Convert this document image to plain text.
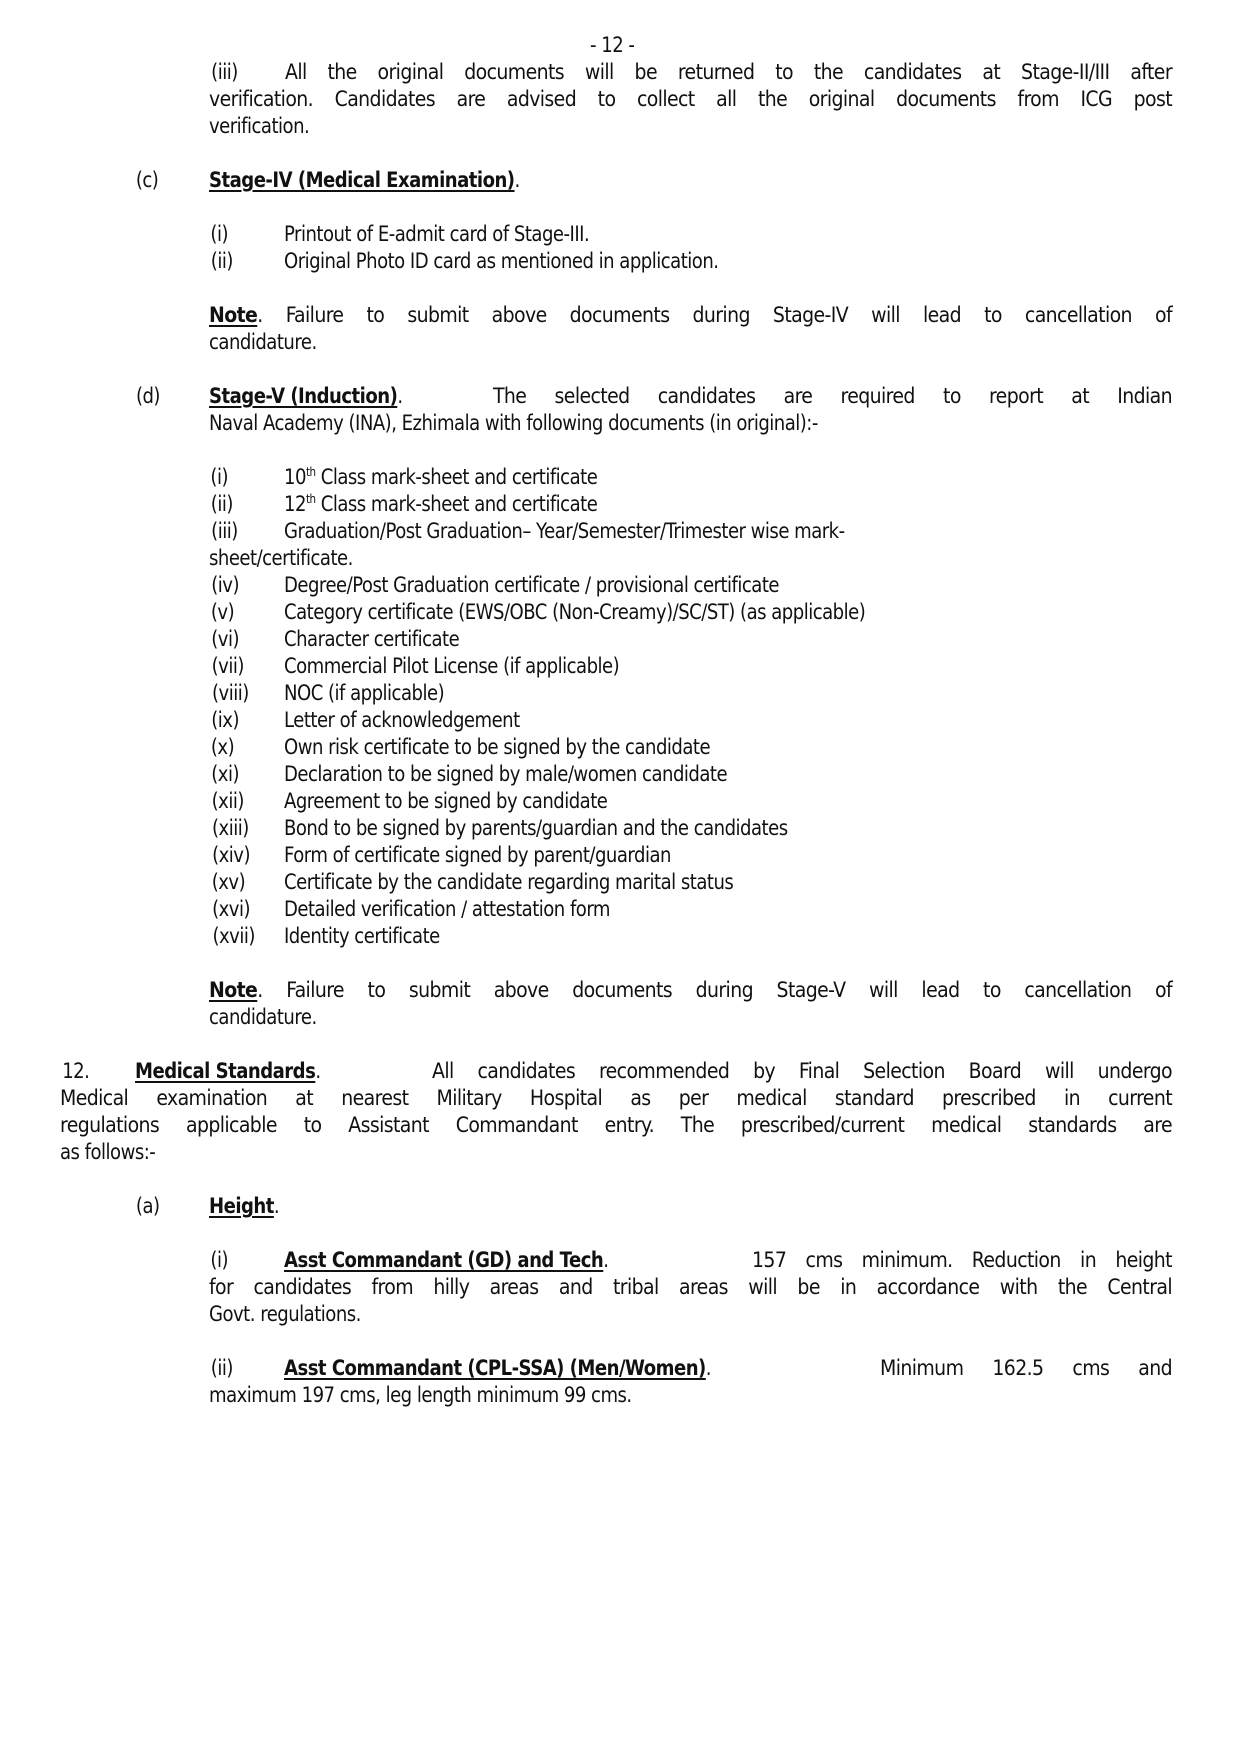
- 12 -
(iii) All the original documents will be returned to the candidates at Stage-II/III after
verification. Candidates are advised to collect all the original documents from ICG post
verification.
(c) Stage-IV (Medical Examination).
(i)	Printout of E-admit card of Stage-III.
(ii) Original Photo ID card as mentioned in application.
Note. Failure to submit above documents during Stage-IV will lead to cancellation of
candidature.
(d) Stage-V (Induction).	The selected candidates are required to report at Indian
Naval Academy (INA), Ezhimala with following documents (in original):-
(i)	10th Class mark-sheet and certificate
(ii) 12th Class mark-sheet and certificate
(iii) Graduation/Post Graduation– Year/Semester/Trimester wise mark-
sheet/certificate.
(iv) Degree/Post Graduation certificate / provisional certificate
(v) Category certificate (EWS/OBC (Non-Creamy)/SC/ST) (as applicable)
(vi) Character certificate
(vii) Commercial Pilot License (if applicable)
(viii) NOC (if applicable)
(ix) Letter of acknowledgement
(x) Own risk certificate to be signed by the candidate
(xi) Declaration to be signed by male/women candidate
(xii) Agreement to be signed by candidate
(xiii) Bond to be signed by parents/guardian and the candidates
(xiv) Form of certificate signed by parent/guardian
(xv) Certificate by the candidate regarding marital status
(xvi) Detailed verification / attestation form
(xvii) Identity certificate
Note. Failure to submit above documents during Stage-V will lead to cancellation of
candidature.
12. Medical Standards.	All candidates recommended by Final Selection Board will undergo
Medical examination at nearest Military Hospital as per medical standard prescribed in current
regulations applicable to Assistant Commandant entry. The prescribed/current medical standards are
as follows:-
(a) Height.
(i)	Asst Commandant (GD) and Tech.	157 cms minimum. Reduction in height
for candidates from hilly areas and tribal areas will be in accordance with the Central
Govt. regulations.
(ii) Asst Commandant (CPL-SSA) (Men/Women).	Minimum 162.5 cms and
maximum 197 cms, leg length minimum 99 cms.
